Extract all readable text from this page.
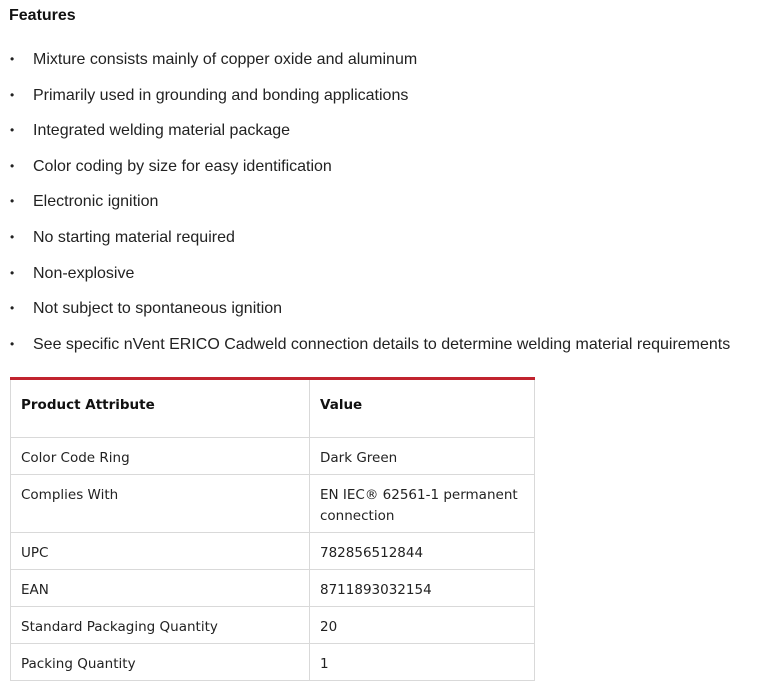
Features
• Mixture consists mainly of copper oxide and aluminum
• Primarily used in grounding and bonding applications
• Integrated welding material package
• Color coding by size for easy identification
• Electronic ignition
• No starting material required
• Non-explosive
• Not subject to spontaneous ignition
• See specific nVent ERICO Cadweld connection details to determine welding material requirements
Product Attribute	Value
Color Code Ring	Dark Green
Complies With	EN IEC® 62561-1 permanent connection
UPC	782856512844
EAN	8711893032154
Standard Packaging Quantity	20
Packing Quantity	1
